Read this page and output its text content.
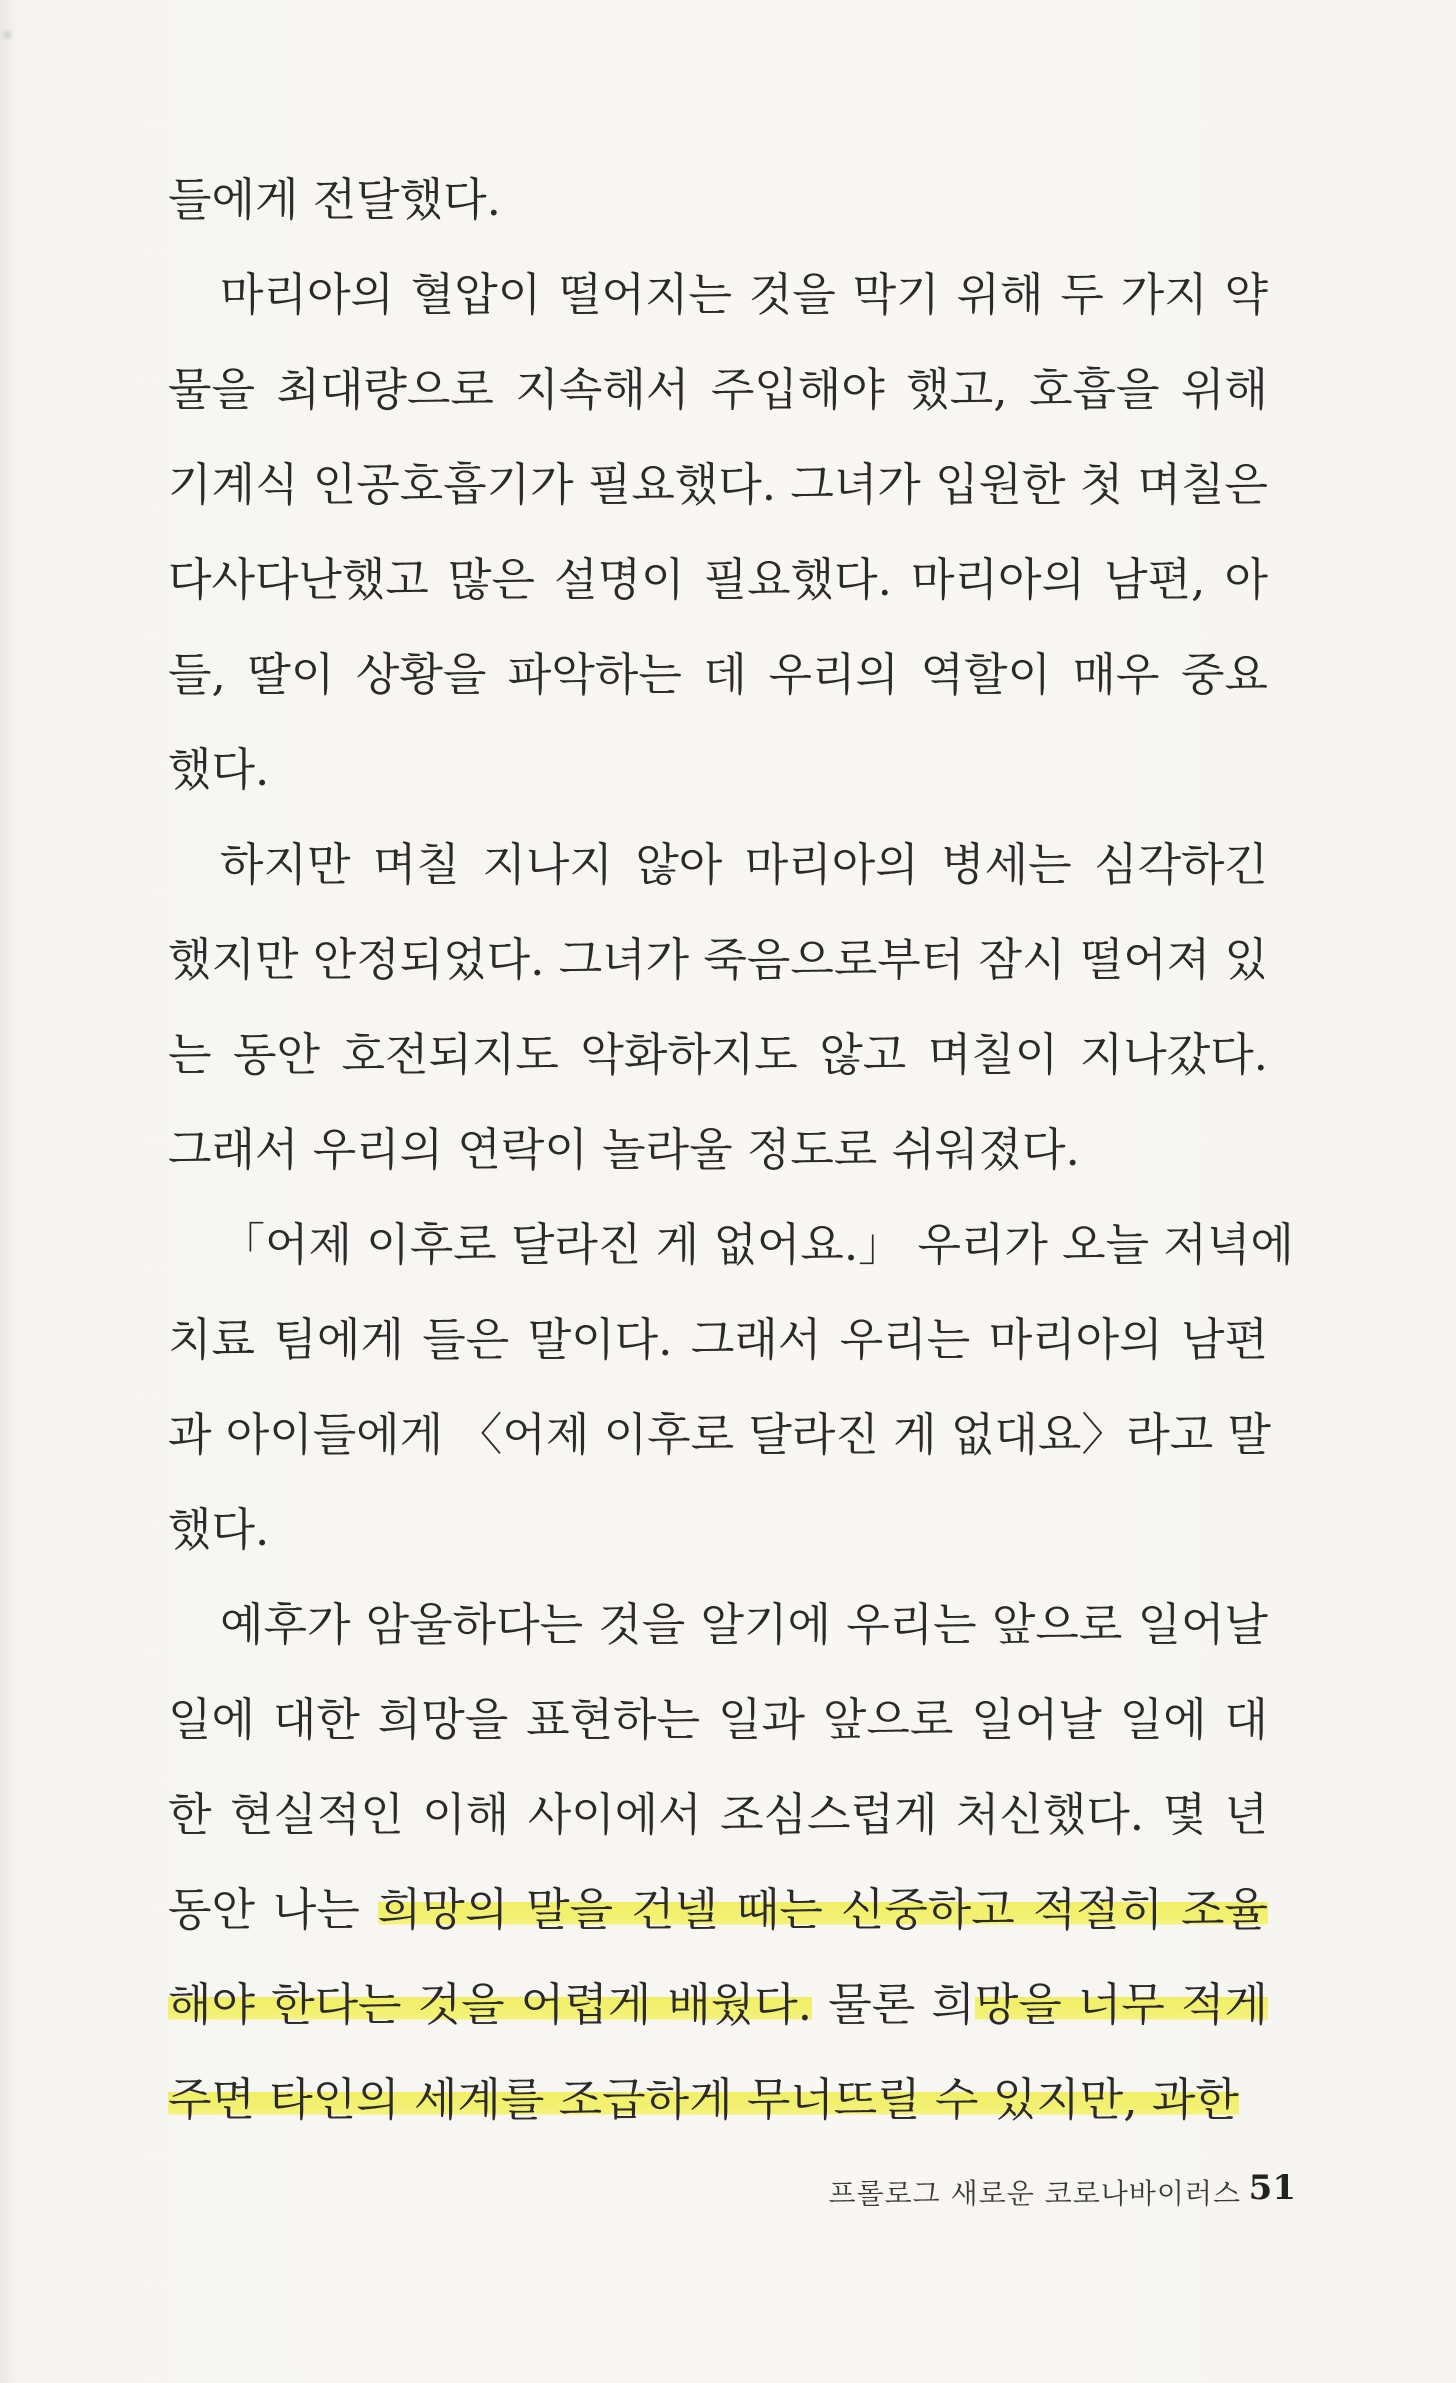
들에게 전달했다.
마리아의 혈압이 떨어지는 것을 막기 위해 두 가지 약
물을 최대량으로 지속해서 주입해야 했고, 호흡을 위해
기계식 인공호흡기가 필요했다. 그녀가 입원한 첫 며칠은
다사다난했고 많은 설명이 필요했다. 마리아의 남편, 아
들, 딸이 상황을 파악하는 데 우리의 역할이 매우 중요
했다.
하지만 며칠 지나지 않아 마리아의 병세는 심각하긴
했지만 안정되었다. 그녀가 죽음으로부터 잠시 떨어져 있
는 동안 호전되지도 악화하지도 않고 며칠이 지나갔다.
그래서 우리의 연락이 놀라울 정도로 쉬워졌다.
「어제 이후로 달라진 게 없어요.」 우리가 오늘 저녁에
치료 팀에게 들은 말이다. 그래서 우리는 마리아의 남편
과 아이들에게 〈어제 이후로 달라진 게 없대요〉라고 말
했다.
예후가 암울하다는 것을 알기에 우리는 앞으로 일어날
일에 대한 희망을 표현하는 일과 앞으로 일어날 일에 대
한 현실적인 이해 사이에서 조심스럽게 처신했다. 몇 년
동안 나는 희망의 말을 건넬 때는 신중하고 적절히 조율
해야 한다는 것을 어렵게 배웠다. 물론 희망을 너무 적게
주면 타인의 세계를 조급하게 무너뜨릴 수 있지만, 과한
프롤로그 새로운 코로나바이러스 51
